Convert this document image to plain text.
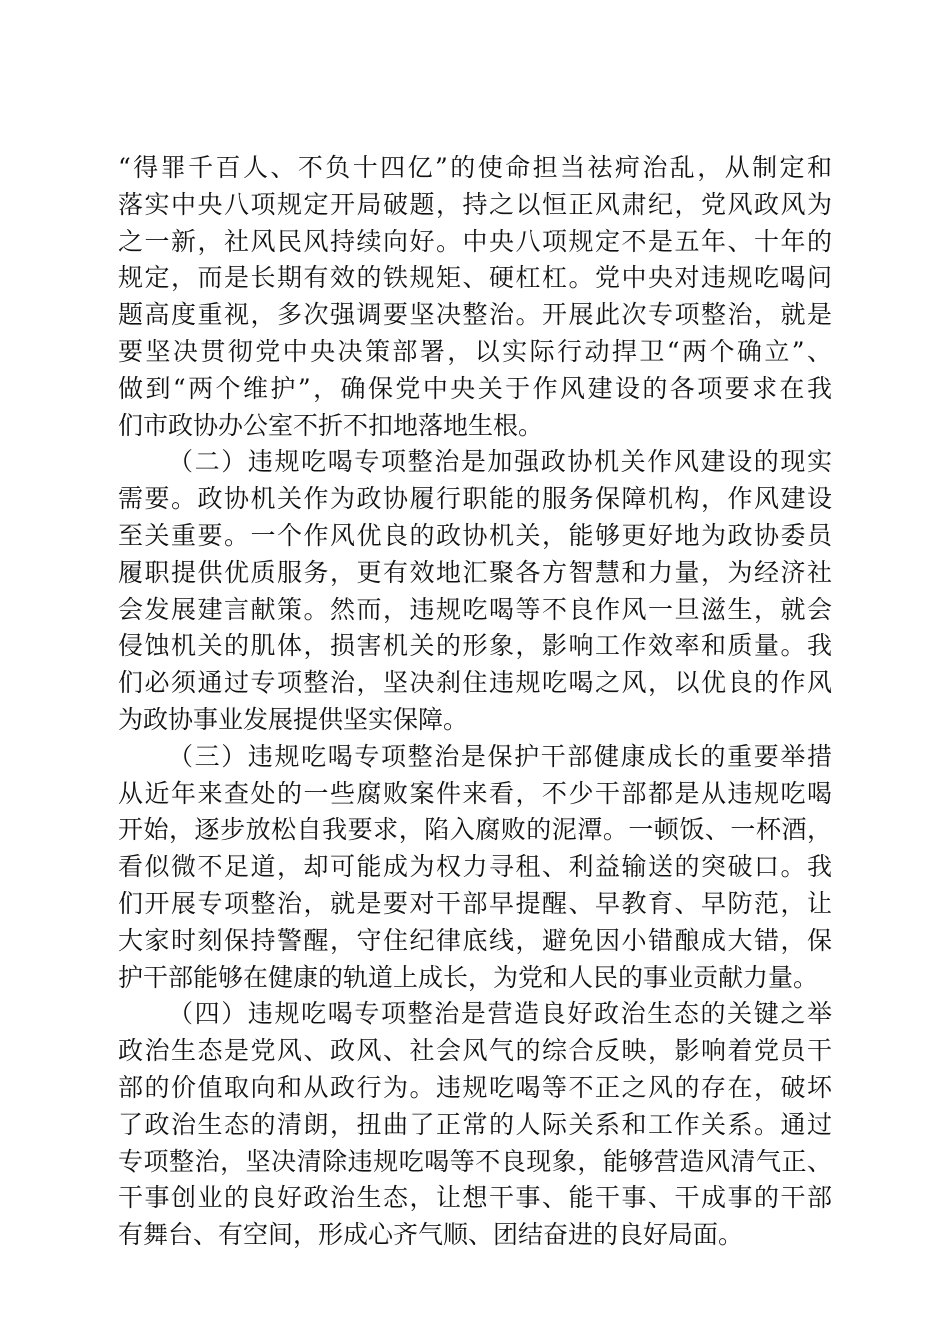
“得罪千百人、不负十四亿”的使命担当祛疴治乱，从制定和
落实中央八项规定开局破题，持之以恒正风肃纪，党风政风为
之一新，社风民风持续向好。中央八项规定不是五年、十年的
规定，而是长期有效的铁规矩、硬杠杠。党中央对违规吃喝问
题高度重视，多次强调要坚决整治。开展此次专项整治，就是
要坚决贯彻党中央决策部署，以实际行动捍卫“两个确立”、
做到“两个维护”，确保党中央关于作风建设的各项要求在我
们市政协办公室不折不扣地落地生根。
（二）违规吃喝专项整治是加强政协机关作风建设的现实
需要。政协机关作为政协履行职能的服务保障机构，作风建设
至关重要。一个作风优良的政协机关，能够更好地为政协委员
履职提供优质服务，更有效地汇聚各方智慧和力量，为经济社
会发展建言献策。然而，违规吃喝等不良作风一旦滋生，就会
侵蚀机关的肌体，损害机关的形象，影响工作效率和质量。我
们必须通过专项整治，坚决刹住违规吃喝之风，以优良的作风
为政协事业发展提供坚实保障。
（三）违规吃喝专项整治是保护干部健康成长的重要举措
从近年来查处的一些腐败案件来看，不少干部都是从违规吃喝
开始，逐步放松自我要求，陷入腐败的泥潭。一顿饭、一杯酒，
看似微不足道，却可能成为权力寻租、利益输送的突破口。我
们开展专项整治，就是要对干部早提醒、早教育、早防范，让
大家时刻保持警醒，守住纪律底线，避免因小错酿成大错，保
护干部能够在健康的轨道上成长，为党和人民的事业贡献力量。
（四）违规吃喝专项整治是营造良好政治生态的关键之举
政治生态是党风、政风、社会风气的综合反映，影响着党员干
部的价值取向和从政行为。违规吃喝等不正之风的存在，破坏
了政治生态的清朗，扭曲了正常的人际关系和工作关系。通过
专项整治，坚决清除违规吃喝等不良现象，能够营造风清气正、
干事创业的良好政治生态，让想干事、能干事、干成事的干部
有舞台、有空间，形成心齐气顺、团结奋进的良好局面。
